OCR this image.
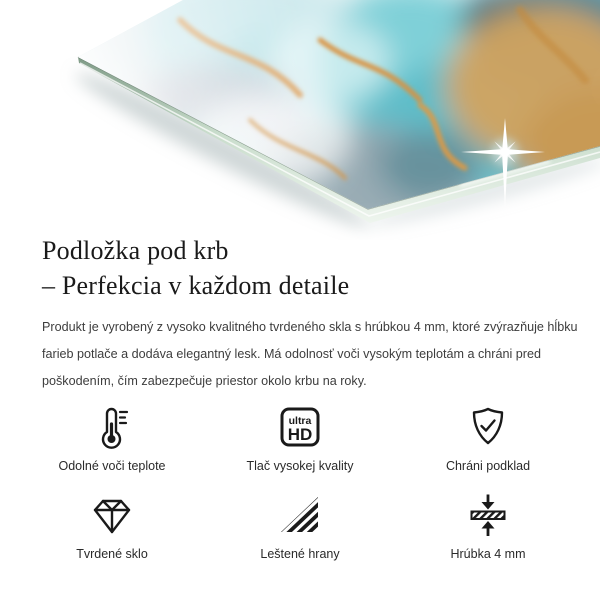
Podložka pod krb
– Perfekcia v každom detaile
Produkt je vyrobený z vysoko kvalitného tvrdeného skla s hrúbkou 4 mm, ktoré zvýrazňuje hĺbku
farieb potlače a dodáva elegantný lesk. Má odolnosť voči vysokým teplotám a chráni pred
poškodením, čím zabezpečuje priestor okolo krbu na roky.
Odolné voči teplote
ultra
HD
Tlač vysokej kvality	Chráni podklad
Tvrdené sklo	Leštené hrany	Hrúbka 4 mm
